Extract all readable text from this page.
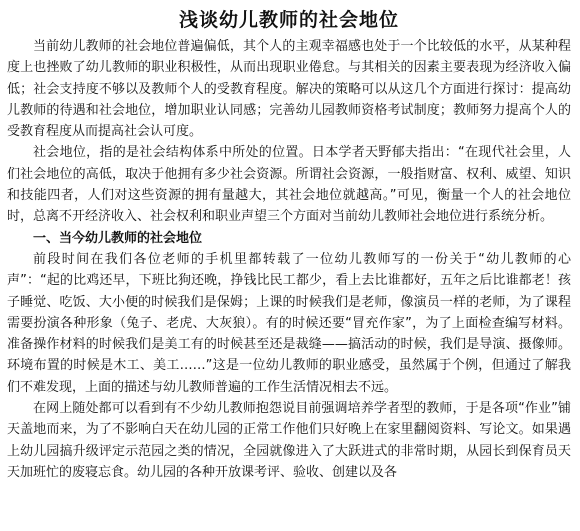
浅谈幼儿教师的社会地位

当前幼儿教师的社会地位普遍偏低，其个人的主观幸福感也处于一个比较低的水平，从某种程度上也挫败了幼儿教师的职业积极性，从而出现职业倦怠。与其相关的因素主要表现为经济收入偏低；社会支持度不够以及教师个人的受教育程度。解决的策略可以从这几个方面进行探讨：提高幼儿教师的待遇和社会地位，增加职业认同感；完善幼儿园教师资格考试制度；教师努力提高个人的受教育程度从而提高社会认可度。

社会地位，指的是社会结构体系中所处的位置。日本学者天野郁夫指出：“在现代社会里，人们社会地位的高低，取决于他拥有多少社会资源。所谓社会资源，一般指财富、权利、威望、知识和技能四者，人们对这些资源的拥有量越大，其社会地位就越高。”可见，衡量一个人的社会地位时，总离不开经济收入、社会权利和职业声望三个方面对当前幼儿教师社会地位进行系统分析。

一、当今幼儿教师的社会地位

前段时间在我们各位老师的手机里都转载了一位幼儿教师写的一份关于“幼儿教师的心声”：“起的比鸡还早，下班比狗还晚，挣钱比民工都少，看上去比谁都好，五年之后比谁都老！孩子睡觉、吃饭、大小便的时候我们是保姆；上课的时候我们是老师，像演员一样的老师，为了课程需要扮演各种形象（兔子、老虎、大灰狼）。有的时候还要“冒充作家”，为了上面检查编写材料。准备操作材料的时候我们是美工有的时候甚至还是裁缝——搞活动的时候，我们是导演、摄像师。环境布置的时候是木工、美工……”这是一位幼儿教师的职业感受，虽然属于个例，但通过了解我们不难发现，上面的描述与幼儿教师普遍的工作生活情况相去不远。

在网上随处都可以看到有不少幼儿教师抱怨说目前强调培养学者型的教师，于是各项“作业”铺天盖地而来，为了不影响白天在幼儿园的正常工作他们只好晚上在家里翻阅资料、写论文。如果遇上幼儿园搞升级评定示范园之类的情况，全园就像进入了大跃进式的非常时期，从园长到保育员天天加班忙的废寝忘食。幼儿园的各种开放课考评、验收、创建以及各
